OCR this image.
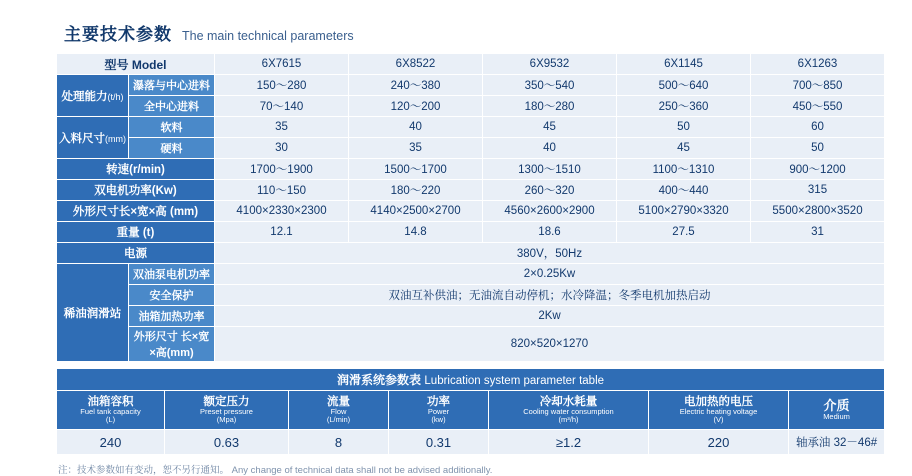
主要技术参数 The main technical parameters
型号 Model		6X7615	6X8522	6X9532	6X1145	6X1263
处理能力(t/h)	瀑落与中心进料	150～280	240～380	350～540	500～640	700～850
	全中心进料	70～140	120～200	180～280	250～360	450～550
入料尺寸(mm)	软料	35	40	45	50	60
	硬料	30	35	40	45	50
转速(r/min)		1700～1900	1500～1700	1300～1510	1100～1310	900～1200
双电机功率(Kw)		110～150	180～220	260～320	400～440	315
外形尺寸长×宽×高 (mm)		4100×2330×2300	4140×2500×2700	4560×2600×2900	5100×2790×3320	5500×2800×3520
重量 (t)		12.1	14.8	18.6	27.5	31
电源		380V，50Hz				
稀油润滑站	双油泵电机功率	2×0.25Kw				
	安全保护	双油互补供油；无油流自动停机；水冷降温；冬季电机加热启动				
	油箱加热功率	2Kw				
	外形尺寸 长×宽×高(mm)	820×520×1270				
润滑系统参数表 Lubrication system parameter table						

油箱容积
Fuel tank capacity
(L)	额定压力
Preset pressure
(Mpa)	流量
Flow
(L/min)	功率
Power
(kw)	冷却水耗量
Cooling water consumption
(m³/h)	电加热的电压
Electric heating voltage
(V)	介质
Medium

240	0.63	8	0.31	≥1.2	220	轴承油 32－46#
注：技术参数如有变动，恕不另行通知。 Any change of technical data shall not be advised additionally.
